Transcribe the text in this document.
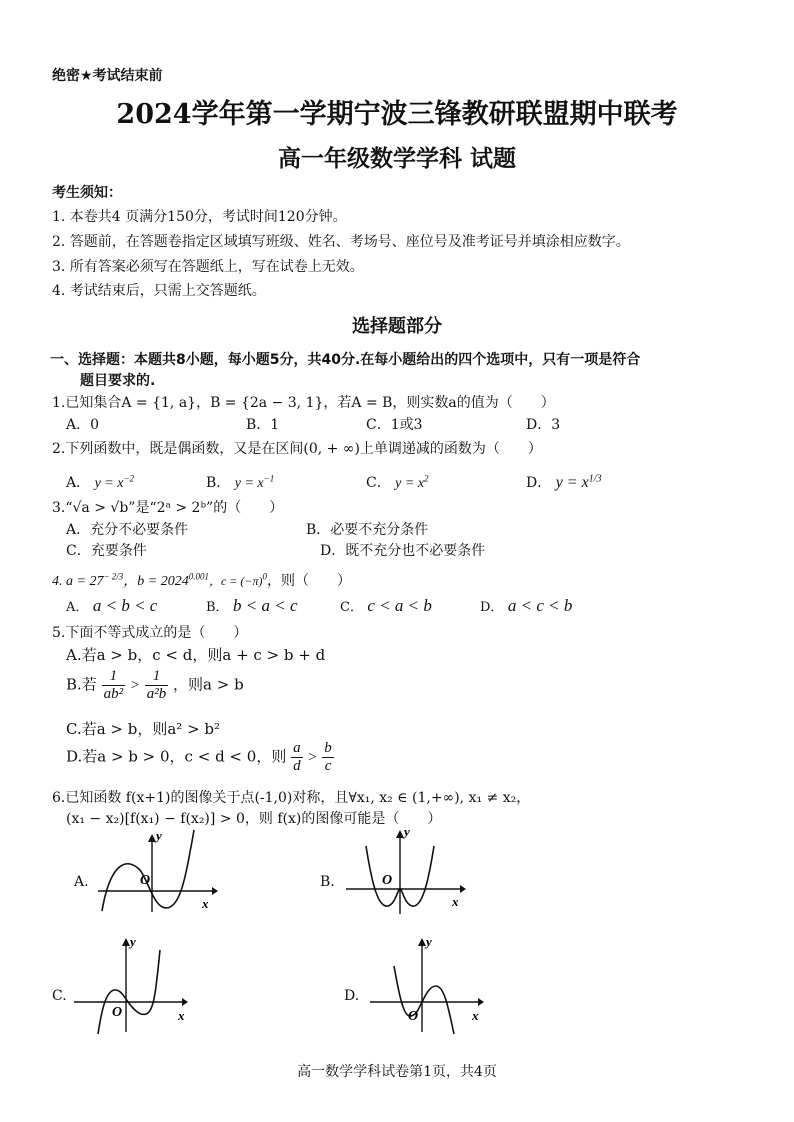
绝密★考试结束前
2024学年第一学期宁波三锋教研联盟期中联考
高一年级数学学科 试题
考生须知：
1. 本卷共4 页满分150分，考试时间120分钟。
2. 答题前，在答题卷指定区域填写班级、姓名、考场号、座位号及准考证号并填涂相应数字。
3. 所有答案必须写在答题纸上，写在试卷上无效。
4. 考试结束后，只需上交答题纸。
选择题部分
一、选择题：本题共8小题，每小题5分，共40分.在每小题给出的四个选项中，只有一项是符合
题目要求的.
1.已知集合A = {1, a}，B = {2a − 3, 1}，若A = B，则实数a的值为（　　）
A．0	B．1	C．1或3	D．3
2.下列函数中，既是偶函数，又是在区间(0, + ∞)上单调递减的函数为（　　）
A． $y = x^{-2}$	B． $y = x^{-1}$	C． $y = x^2$	D． $y = x^{1/3}$
3.“√a > √b”是“2ᵃ > 2ᵇ”的（　　）
A．充分不必要条件	B．必要不充分条件
C．充要条件	D．既不充分也不必要条件
4. $a = 27^{- 2/3}$，$b = 2024^{0.001}$，$c = (-\pi)^0$，则（　　）
A． a < b < c	B． b < a < c	C． c < a < b	D． a < c < b
5.下面不等式成立的是（　　）
A.若a > b，c < d，则a + c > b + d
B.若 $\frac{1}{\text{ab²}} > \frac{1}{\text{a²b}}$ ，则a > b
C.若a > b，则a² > b²
D.若a > b > 0，c < d < 0，则 $\frac{a}{d} > \frac{b}{c}$
6.已知函数 f(x+1)的图像关于点(-1,0)对称，且∀x₁, x₂ ∈ (1,+∞), x₁ ≠ x₂，
(x₁ − x₂)[f(x₁) − f(x₂)] > 0，则 f(x)的图像可能是（　　）
A.
y
O
x
B.
y
O
x
C.
y
O	x
D.
y
O	x
高一数学学科试卷第1页，共4页
